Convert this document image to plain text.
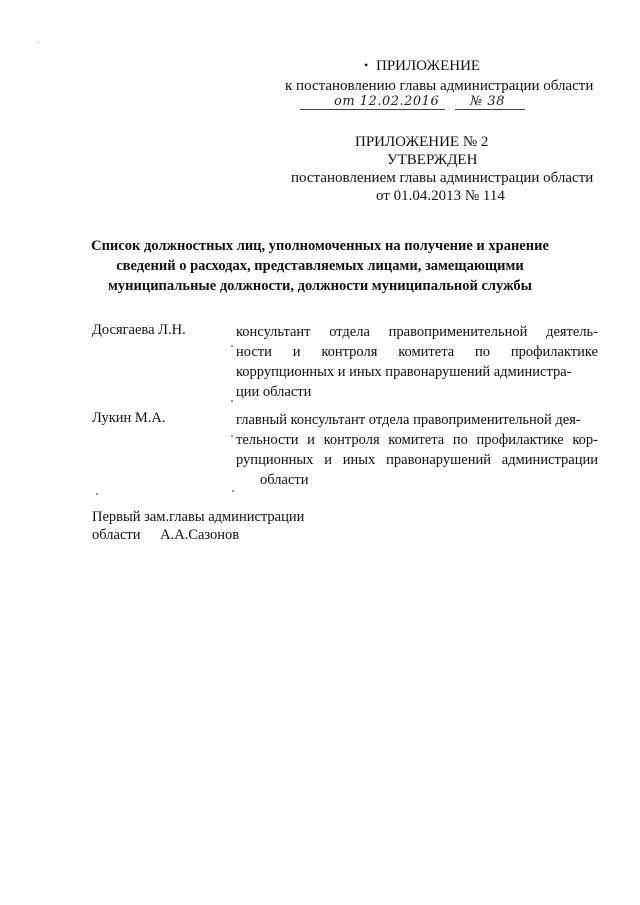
• ПРИЛОЖЕНИЕ
к постановлению главы администрации области
от 12.02.2016 № 38
ПРИЛОЖЕНИЕ № 2
УТВЕРЖДЕН
постановлением главы администрации области
от 01.04.2013 № 114
Список должностных лиц, уполномоченных на получение и хранение
сведений о расходах, представляемых лицами, замещающими
муниципальные должности, должности муниципальной службы
Досягаева Л.Н.	консультант отдела правоприменительной деятель-
ности и контроля комитета по профилактике
коррупционных и иных правонарушений администра-
ции области
Лукин М.А.	главный консультант отдела правоприменительной дея-
тельности и контроля комитета по профилактике кор-
рупционных и иных правонарушений администрации
области
Первый зам.главы администрации
области А.А.Сазонов
